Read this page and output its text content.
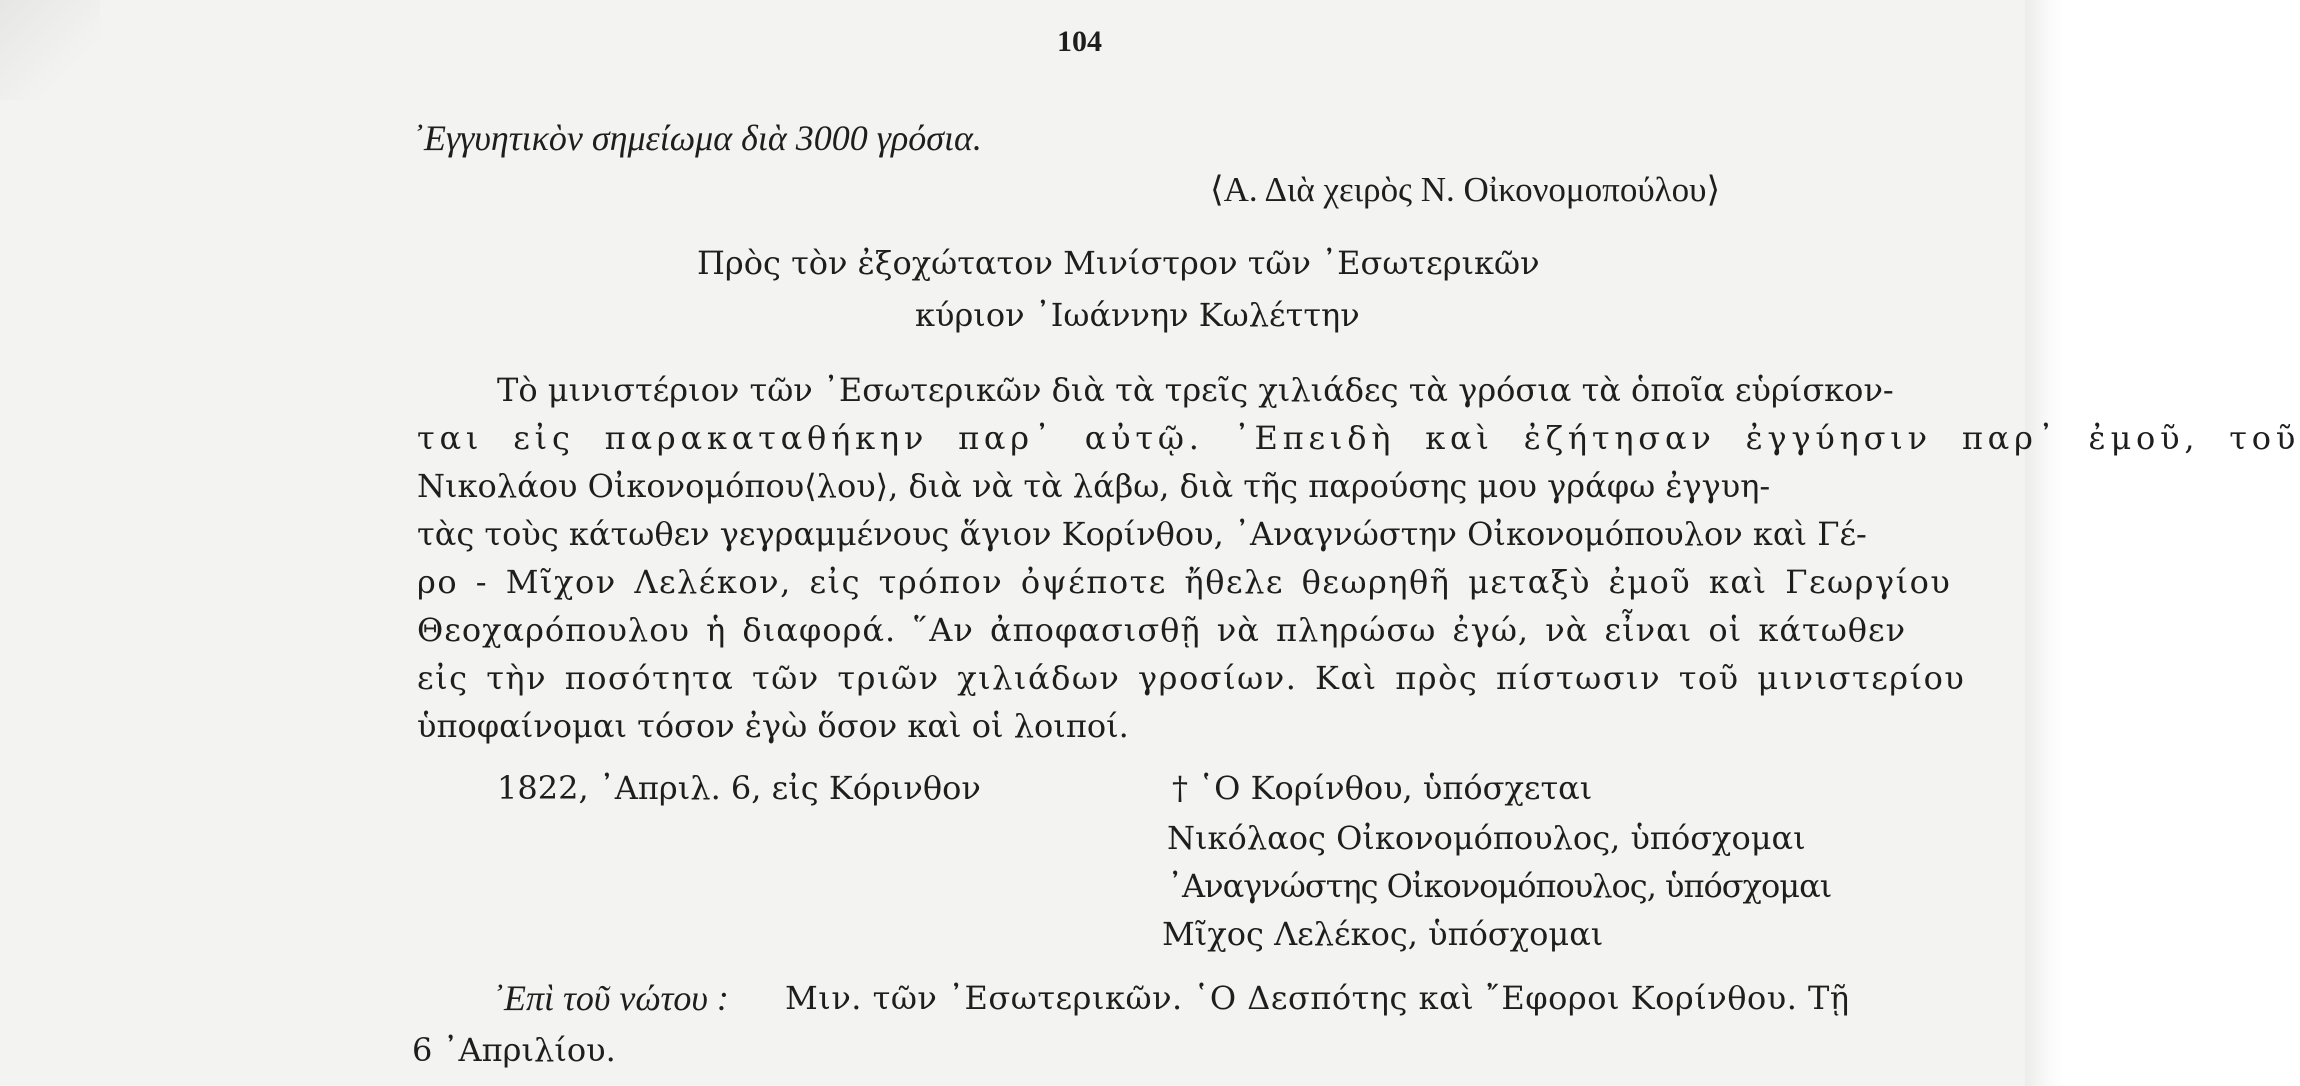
104
᾿Εγγυητικὸν σημείωμα διὰ 3000 γρόσια.
⟨Α. Διὰ χειρὸς Ν. Οἰκονομοπούλου⟩
Πρὸς τὸν ἐξοχώτατον Μινίστρον τῶν ᾿Εσωτερικῶν
κύριον ᾿Ιωάννην Κωλέττην
Τὸ μινιστέριον τῶν ᾿Εσωτερικῶν διὰ τὰ τρεῖς χιλιάδες τὰ γρόσια τὰ ὁποῖα εὑρίσκον-
ται εἰς παρακαταθήκην παρ᾿ αὐτῷ. ᾿Επειδὴ καὶ ἐζήτησαν ἐγγύησιν παρ᾿ ἐμοῦ, τοῦ
Νικολάου Οἰκονομόπου⟨λου⟩, διὰ νὰ τὰ λάβω, διὰ τῆς παρούσης μου γράφω ἐγγυη-
τὰς τοὺς κάτωθεν γεγραμμένους ἅγιον Κορίνθου, ᾿Αναγνώστην Οἰκονομόπουλον καὶ Γέ-
ρο - Μῖχον Λελέκον, εἰς τρόπον ὀψέποτε ἤθελε θεωρηθῆ μεταξὺ ἐμοῦ καὶ Γεωργίου
Θεοχαρόπουλου ἡ διαφορά. ῞Αν ἀποφασισθῇ νὰ πληρώσω ἐγώ, νὰ εἶναι οἱ κάτωθεν
εἰς τὴν ποσότητα τῶν τριῶν χιλιάδων γροσίων. Καὶ πρὸς πίστωσιν τοῦ μινιστερίου
ὑποφαίνομαι τόσον ἐγὼ ὅσον καὶ οἱ λοιποί.
1822, ᾿Απριλ. 6, εἰς Κόρινθον	† ῾Ο Κορίνθου, ὑπόσχεται
Νικόλαος Οἰκονομόπουλος, ὑπόσχομαι
᾿Αναγνώστης Οἰκονομόπουλος, ὑπόσχομαι
Μῖχος Λελέκος, ὑπόσχομαι
᾿Επὶ τοῦ νώτου : Μιν. τῶν ᾿Εσωτερικῶν. ῾Ο Δεσπότης καὶ ῎Εφοροι Κορίνθου. Τῇ
6 ᾿Απριλίου.
